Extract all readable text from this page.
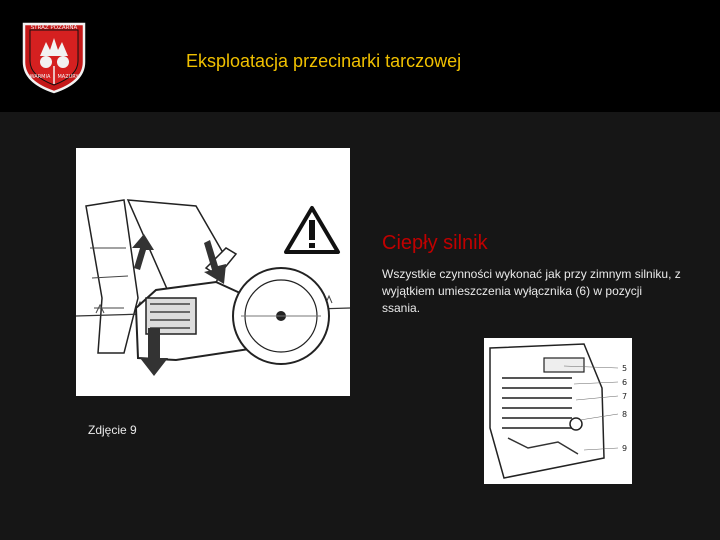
STRAŻ POŻARNA
WARMIA MAZURY
Eksploatacja przecinarki tarczowej
Ciepły silnik
Wszystkie czynności wykonać jak przy zimnym silniku, z wyjątkiem umieszczenia wyłącznika (6) w pozycji ssania.
5
6
7
8
9
Zdjęcie 9
